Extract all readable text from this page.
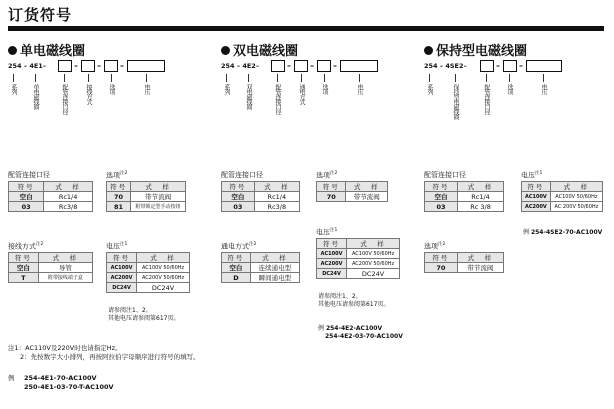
订货符号
单电磁线圈
254 – 4E1–	– – –
系列	单电磁线圈	配管连接口径	接线方式	选项	电压
双电磁线圈
254 – 4E2–	– – –
系列	双电磁线圈	配管连接口径	通电方式	选项	电压
保持型电磁线圈
254 – 4SE2–	– –
系列	保持型电磁线圈	配管连接口径	选项	电压
配管连接口径
符号	式　样
空白	Rc1/4
03	Rc3/8
选项$^{注2}$
符号	式　样
70	带节流阀
81	附带锁定型手动按钮
接线方式$^{注2}$
符号	式　样
空白	导管
T	附带接线端子盒
电压$^{注1}$
符号	式　样
AC100V	AC100V 50/60Hz
AC200V	AC200V 50/60Hz
DC24V	DC24V
请参阅注1、2。
其他电压请参阅第617页。
配管连接口径
符号	式　样
空白	Rc1/4
03	Rc3/8
选项$^{注2}$
符号	式　样
70	带节流阀
通电方式$^{注2}$
符号	式　样
空白	连续通电型
D	瞬间通电型
电压$^{注1}$
符号	式　样
AC100V	AC100V 50/60Hz
AC200V	AC200V 50/60Hz
DC24V	DC24V
请参阅注1、2。
其他电压请参阅第617页。
例 254-4E2-AC100V
254-4E2-03-70-AC100V
配管连接口径
符号	式　样
空白	Rc1/4
03	Rc 3/8
电压$^{注1}$
符号	式　样
AC100V	AC100V 50/60Hz
AC200V	AC 200V 50/60Hz
例 254-4SE2-70-AC100V
选项$^{注2}$
符号	式　样
70	带节流阀
注1：AC110V及220V时也请指定Hz。
2：先按数字大小排列，再按阿拉伯字母顺序进行符号的填写。
例	254-4E1-70-AC100V
250-4E1-03-70-T-AC100V
